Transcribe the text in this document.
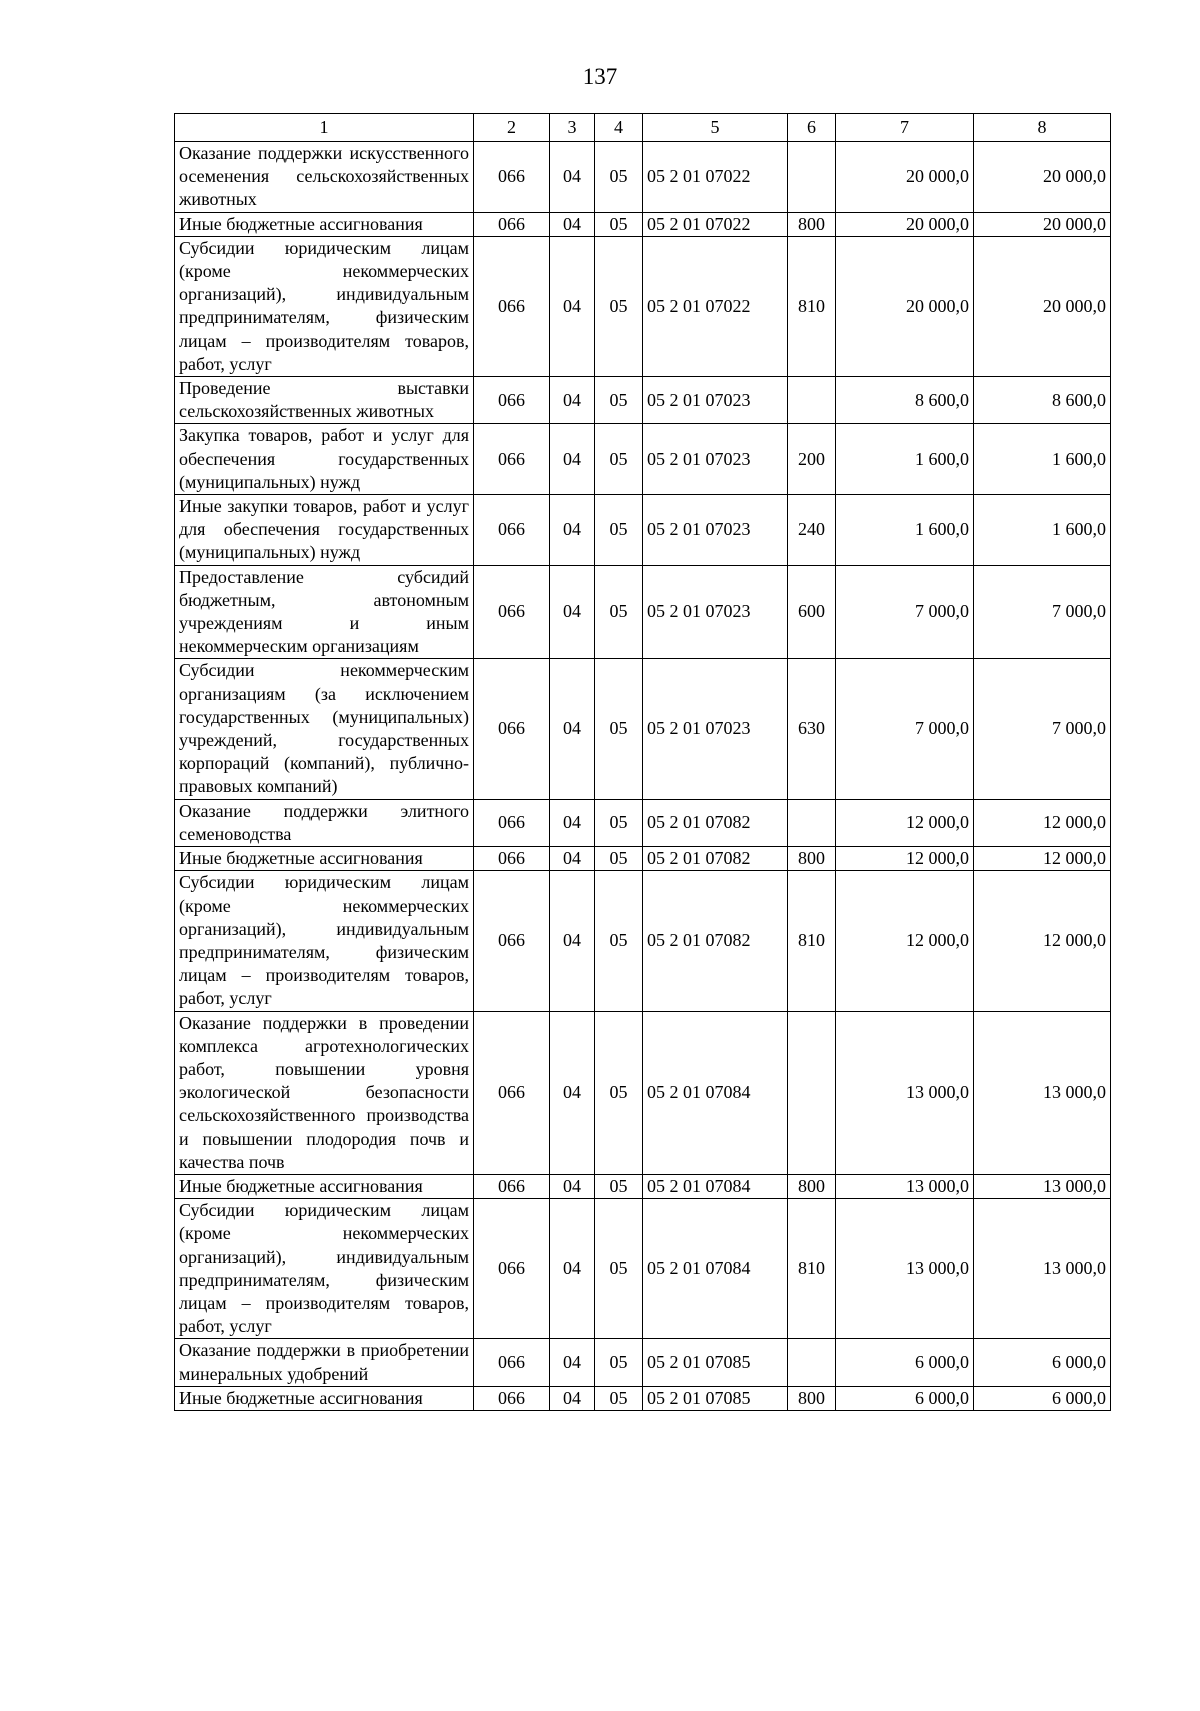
137
1	2	3	4	5	6	7	8
Оказание поддержки искусственного осеменения сельскохозяйственных животных	066	04	05	05 2 01 07022		20 000,0	20 000,0
Иные бюджетные ассигнования	066	04	05	05 2 01 07022	800	20 000,0	20 000,0
Субсидии юридическим лицам (кроме некоммерческих организаций), индивидуальным предпринимателям, физическим лицам – производителям товаров, работ, услуг	066	04	05	05 2 01 07022	810	20 000,0	20 000,0
Проведение выставки сельскохозяйственных животных	066	04	05	05 2 01 07023		8 600,0	8 600,0
Закупка товаров, работ и услуг для обеспечения государственных (муниципальных) нужд	066	04	05	05 2 01 07023	200	1 600,0	1 600,0
Иные закупки товаров, работ и услуг для обеспечения государственных (муниципальных) нужд	066	04	05	05 2 01 07023	240	1 600,0	1 600,0
Предоставление субсидий бюджетным, автономным учреждениям и иным некоммерческим организациям	066	04	05	05 2 01 07023	600	7 000,0	7 000,0
Субсидии некоммерческим организациям (за исключением государственных (муниципальных) учреждений, государственных корпораций (компаний), публично-правовых компаний)	066	04	05	05 2 01 07023	630	7 000,0	7 000,0
Оказание поддержки элитного семеноводства	066	04	05	05 2 01 07082		12 000,0	12 000,0
Иные бюджетные ассигнования	066	04	05	05 2 01 07082	800	12 000,0	12 000,0
Субсидии юридическим лицам (кроме некоммерческих организаций), индивидуальным предпринимателям, физическим лицам – производителям товаров, работ, услуг	066	04	05	05 2 01 07082	810	12 000,0	12 000,0
Оказание поддержки в проведении комплекса агротехнологических работ, повышении уровня экологической безопасности сельскохозяйственного производства и повышении плодородия почв и качества почв	066	04	05	05 2 01 07084		13 000,0	13 000,0
Иные бюджетные ассигнования	066	04	05	05 2 01 07084	800	13 000,0	13 000,0
Субсидии юридическим лицам (кроме некоммерческих организаций), индивидуальным предпринимателям, физическим лицам – производителям товаров, работ, услуг	066	04	05	05 2 01 07084	810	13 000,0	13 000,0
Оказание поддержки в приобретении минеральных удобрений	066	04	05	05 2 01 07085		6 000,0	6 000,0
Иные бюджетные ассигнования	066	04	05	05 2 01 07085	800	6 000,0	6 000,0
